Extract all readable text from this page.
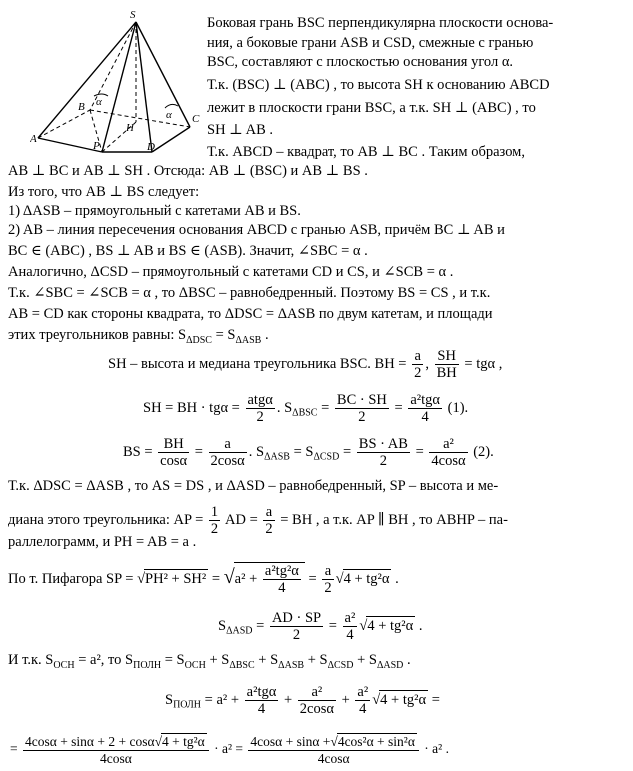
S
A
B
C
D
H
P
α
α
Боковая грань BSC перпендикулярна плоскости основа-
ния, а боковые грани ASB и CSD, смежные с гранью
BSC, составляют с плоскостью основания угол α.
Т.к. (BSC) ⊥ (ABC) , то высота SH к основанию ABCD
лежит в плоскости грани BSC, а т.к. SH ⊥ (ABC) , то
SH ⊥ AB .
Т.к. ABCD – квадрат, то AB ⊥ BC . Таким образом,
AB ⊥ BC и AB ⊥ SH . Отсюда: AB ⊥ (BSC) и AB ⊥ BS .
Из того, что AB ⊥ BS следует:
1) ΔASB – прямоугольный с катетами AB и BS.
2) AB – линия пересечения основания ABCD с гранью ASB, причём BC ⊥ AB и
BC ∈ (ABC) , BS ⊥ AB и BS ∈ (ASB). Значит, ∠SBC = α .
Аналогично, ΔCSD – прямоугольный с катетами CD и CS, и ∠SCB = α .
Т.к. ∠SBC = ∠SCB = α , то ΔBSC – равнобедренный. Поэтому BS = CS , и т.к.
AB = CD как стороны квадрата, то ΔDSC = ΔASB по двум катетам, и площади
этих треугольников равны: $S_{\Delta DSC} = S_{\Delta ASB}$ .
SH – высота и медиана треугольника BSC. BH = $\frac{a}{2}$ , $\frac{SH}{BH} = tg\alpha$ ,
SH = BH · $tg\alpha = \frac{\text{atgα}}{2}$ . $S_{\Delta BSC} = \frac{BC \cdot SH}{2} = \frac{\text{a²tgα}}{4} (1)$.
BS = $\frac{BH}{\cos\alpha} = \frac{a}{2\cos\alpha}$ . $S_{\Delta ASB} = S_{\Delta CSD} = \frac{BS \cdot AB}{2} = \frac{\text{a²}}{4\cos\alpha} (2)$.
Т.к. ΔDSC = ΔASB , то AS = DS , и ΔASD – равнобедренный, SP – высота и ме-
диана этого треугольника: AP = $\frac{1}{2}$ AD = $\frac{a}{2}$ = BH , а т.к. AP ∥ BH , то ABHP – па-
раллелограмм, и PH = AB = a .
По т. Пифагора SP = $√PH^2 + SH^2 = √a^2 + \frac{\text{a²tg²α}}{4} = \frac{a}{2} √4 + tg^2\alpha$ .
$S_{\Delta ASD} = \frac{AD \cdot SP}{2} = \frac{\text{a²}}{4} √4 + tg^2\alpha$ .
И т.к. $S_{ОСН} = a^2$, то $S_{ПОЛН} = S_{ОСН} + S_{\Delta BSC} + S_{\Delta ASB} + S_{\Delta CSD} + S_{\Delta ASD}$ .
$S_{ПОЛН} = a^2 + \frac{\text{a²tgα}}{4} + \frac{\text{a²}}{2\cos\alpha} + \frac{\text{a²}}{4} √4 + tg^2\alpha$ =
= $\frac{\text{4cosα + sinα + 2 + cosα√4 + tg²α}}{4\cos\alpha} \cdot a^2 = \frac{\text{4cosα + sinα +√4cos²α + sin²α}}{4\cos\alpha} \cdot a^2$ .
